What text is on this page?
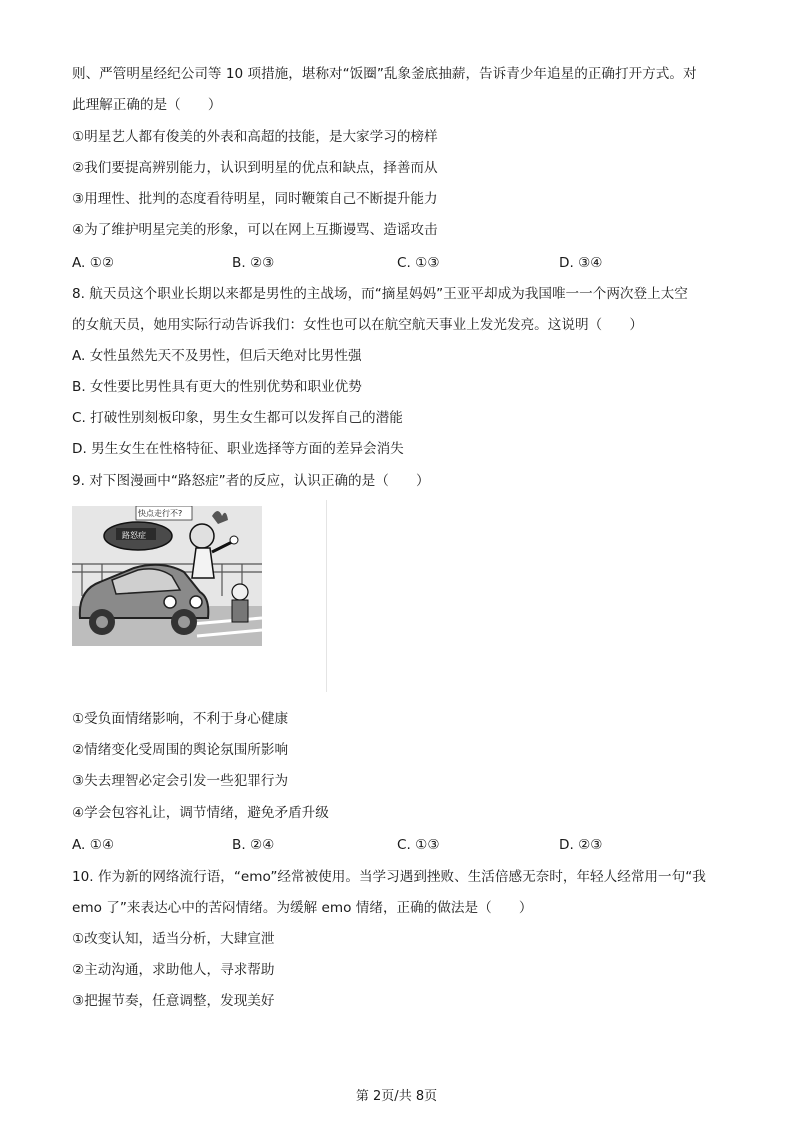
则、严管明星经纪公司等 10 项措施，堪称对“饭圈”乱象釜底抽薪，告诉青少年追星的正确打开方式。对
此理解正确的是（　　）
①明星艺人都有俊美的外表和高超的技能，是大家学习的榜样
②我们要提高辨别能力，认识到明星的优点和缺点，择善而从
③用理性、批判的态度看待明星，同时鞭策自己不断提升能力
④为了维护明星完美的形象，可以在网上互撕谩骂、造谣攻击
A. ①②	B. ②③	C. ①③	D. ③④
8. 航天员这个职业长期以来都是男性的主战场，而“摘星妈妈”王亚平却成为我国唯一一个两次登上太空
的女航天员，她用实际行动告诉我们：女性也可以在航空航天事业上发光发亮。这说明（　　）
A. 女性虽然先天不及男性，但后天绝对比男性强
B. 女性要比男性具有更大的性别优势和职业优势
C. 打破性别刻板印象，男生女生都可以发挥自己的潜能
D. 男生女生在性格特征、职业选择等方面的差异会消失
9. 对下图漫画中“路怒症”者的反应，认识正确的是（　　）
路怒症
快点走行不?
①受负面情绪影响，不利于身心健康
②情绪变化受周围的舆论氛围所影响
③失去理智必定会引发一些犯罪行为
④学会包容礼让，调节情绪，避免矛盾升级
A. ①④	B. ②④	C. ①③	D. ②③
10. 作为新的网络流行语，“emo”经常被使用。当学习遇到挫败、生活倍感无奈时，年轻人经常用一句“我
emo 了”来表达心中的苦闷情绪。为缓解 emo 情绪，正确的做法是（　　）
①改变认知，适当分析，大肆宣泄
②主动沟通，求助他人，寻求帮助
③把握节奏，任意调整，发现美好
第 2页/共 8页
